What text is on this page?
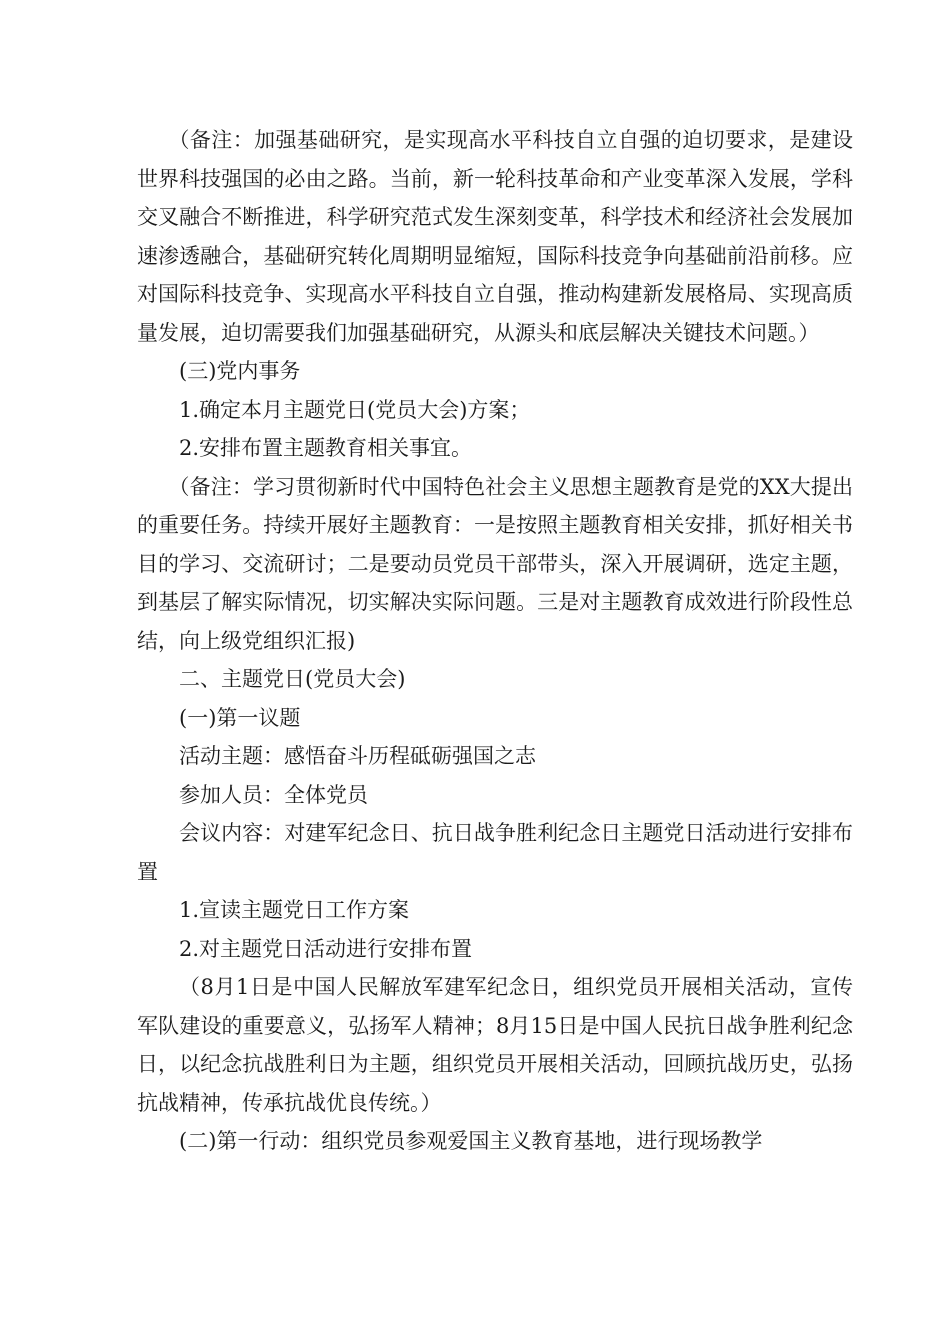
（备注：加强基础研究，是实现高水平科技自立自强的迫切要求，是建设世界科技强国的必由之路。当前，新一轮科技革命和产业变革深入发展，学科交叉融合不断推进，科学研究范式发生深刻变革，科学技术和经济社会发展加速渗透融合，基础研究转化周期明显缩短，国际科技竞争向基础前沿前移。应对国际科技竞争、实现高水平科技自立自强，推动构建新发展格局、实现高质量发展，迫切需要我们加强基础研究，从源头和底层解决关键技术问题。）

(三)党内事务

1.确定本月主题党日(党员大会)方案；

2.安排布置主题教育相关事宜。

（备注：学习贯彻新时代中国特色社会主义思想主题教育是党的XX大提出的重要任务。持续开展好主题教育：一是按照主题教育相关安排，抓好相关书目的学习、交流研讨；二是要动员党员干部带头，深入开展调研，选定主题，到基层了解实际情况，切实解决实际问题。三是对主题教育成效进行阶段性总结，向上级党组织汇报)

二、主题党日(党员大会)

(一)第一议题

活动主题：感悟奋斗历程砥砺强国之志

参加人员：全体党员

会议内容：对建军纪念日、抗日战争胜利纪念日主题党日活动进行安排布置

1.宣读主题党日工作方案

2.对主题党日活动进行安排布置

（8月1日是中国人民解放军建军纪念日，组织党员开展相关活动，宣传军队建设的重要意义，弘扬军人精神；8月15日是中国人民抗日战争胜利纪念日，以纪念抗战胜利日为主题，组织党员开展相关活动，回顾抗战历史，弘扬抗战精神，传承抗战优良传统。）

(二)第一行动：组织党员参观爱国主义教育基地，进行现场教学
